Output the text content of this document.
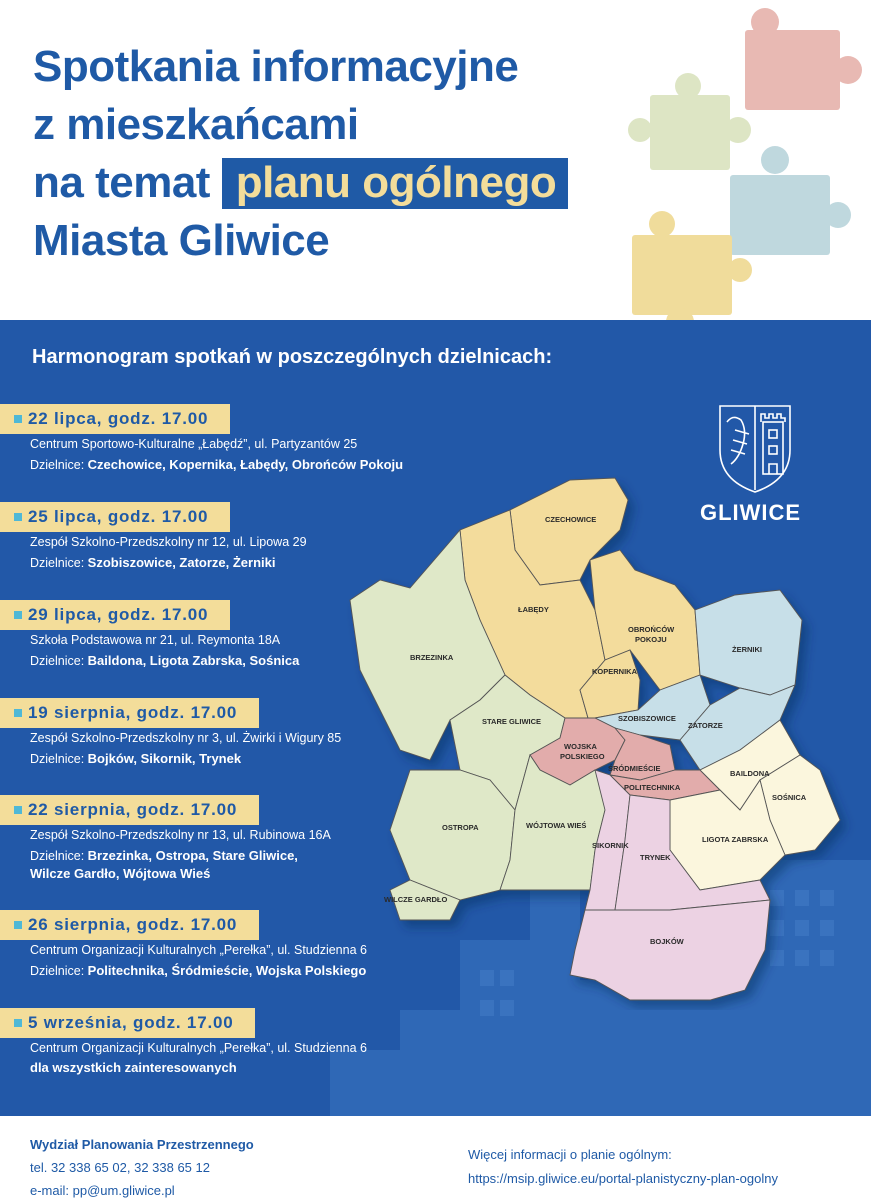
Spotkania informacyjne
z mieszkańcami
na temat planu ogólnego
Miasta Gliwice
Harmonogram spotkań w poszczególnych dzielnicach:
22 lipca, godz. 17.00
Centrum Sportowo-Kulturalne „Łabędź”, ul. Partyzantów 25
Dzielnice: Czechowice, Kopernika, Łabędy, Obrońców Pokoju
25 lipca, godz. 17.00
Zespół Szkolno-Przedszkolny nr 12, ul. Lipowa 29
Dzielnice: Szobiszowice, Zatorze, Żerniki
29 lipca, godz. 17.00
Szkoła Podstawowa nr 21, ul. Reymonta 18A
Dzielnice: Baildona, Ligota Zabrska, Sośnica
19 sierpnia, godz. 17.00
Zespół Szkolno-Przedszkolny nr 3, ul. Żwirki i Wigury 85
Dzielnice: Bojków, Sikornik, Trynek
22 sierpnia, godz. 17.00
Zespół Szkolno-Przedszkolny nr 13, ul. Rubinowa 16A
Dzielnice: Brzezinka, Ostropa, Stare Gliwice,
Wilcze Gardło, Wójtowa Wieś
26 sierpnia, godz. 17.00
Centrum Organizacji Kulturalnych „Perełka”, ul. Studzienna 6
Dzielnice: Politechnika, Śródmieście, Wojska Polskiego
5 września, godz. 17.00
Centrum Organizacji Kulturalnych „Perełka”, ul. Studzienna 6
dla wszystkich zainteresowanych
GLIWICE
CZECHOWICE
ŁABĘDY
OBROŃCÓW
POKOJU
BRZEZINKA
KOPERNIKA
ŻERNIKI
SZOBISZOWICE
STARE GLIWICE	ZATORZE
WOJSKA
POLSKIEGO
ŚRÓDMIEŚCIE
BAILDONA
POLITECHNIKA
SOŚNICA
OSTROPA	WÓJTOWA WIEŚ
LIGOTA ZABRSKA
SIKORNIK
TRYNEK
WILCZE GARDŁO
BOJKÓW
Wydział Planowania Przestrzennego
tel. 32 338 65 02, 32 338 65 12
e-mail: pp@um.gliwice.pl
Więcej informacji o planie ogólnym:
https://msip.gliwice.eu/portal-planistyczny-plan-ogolny
